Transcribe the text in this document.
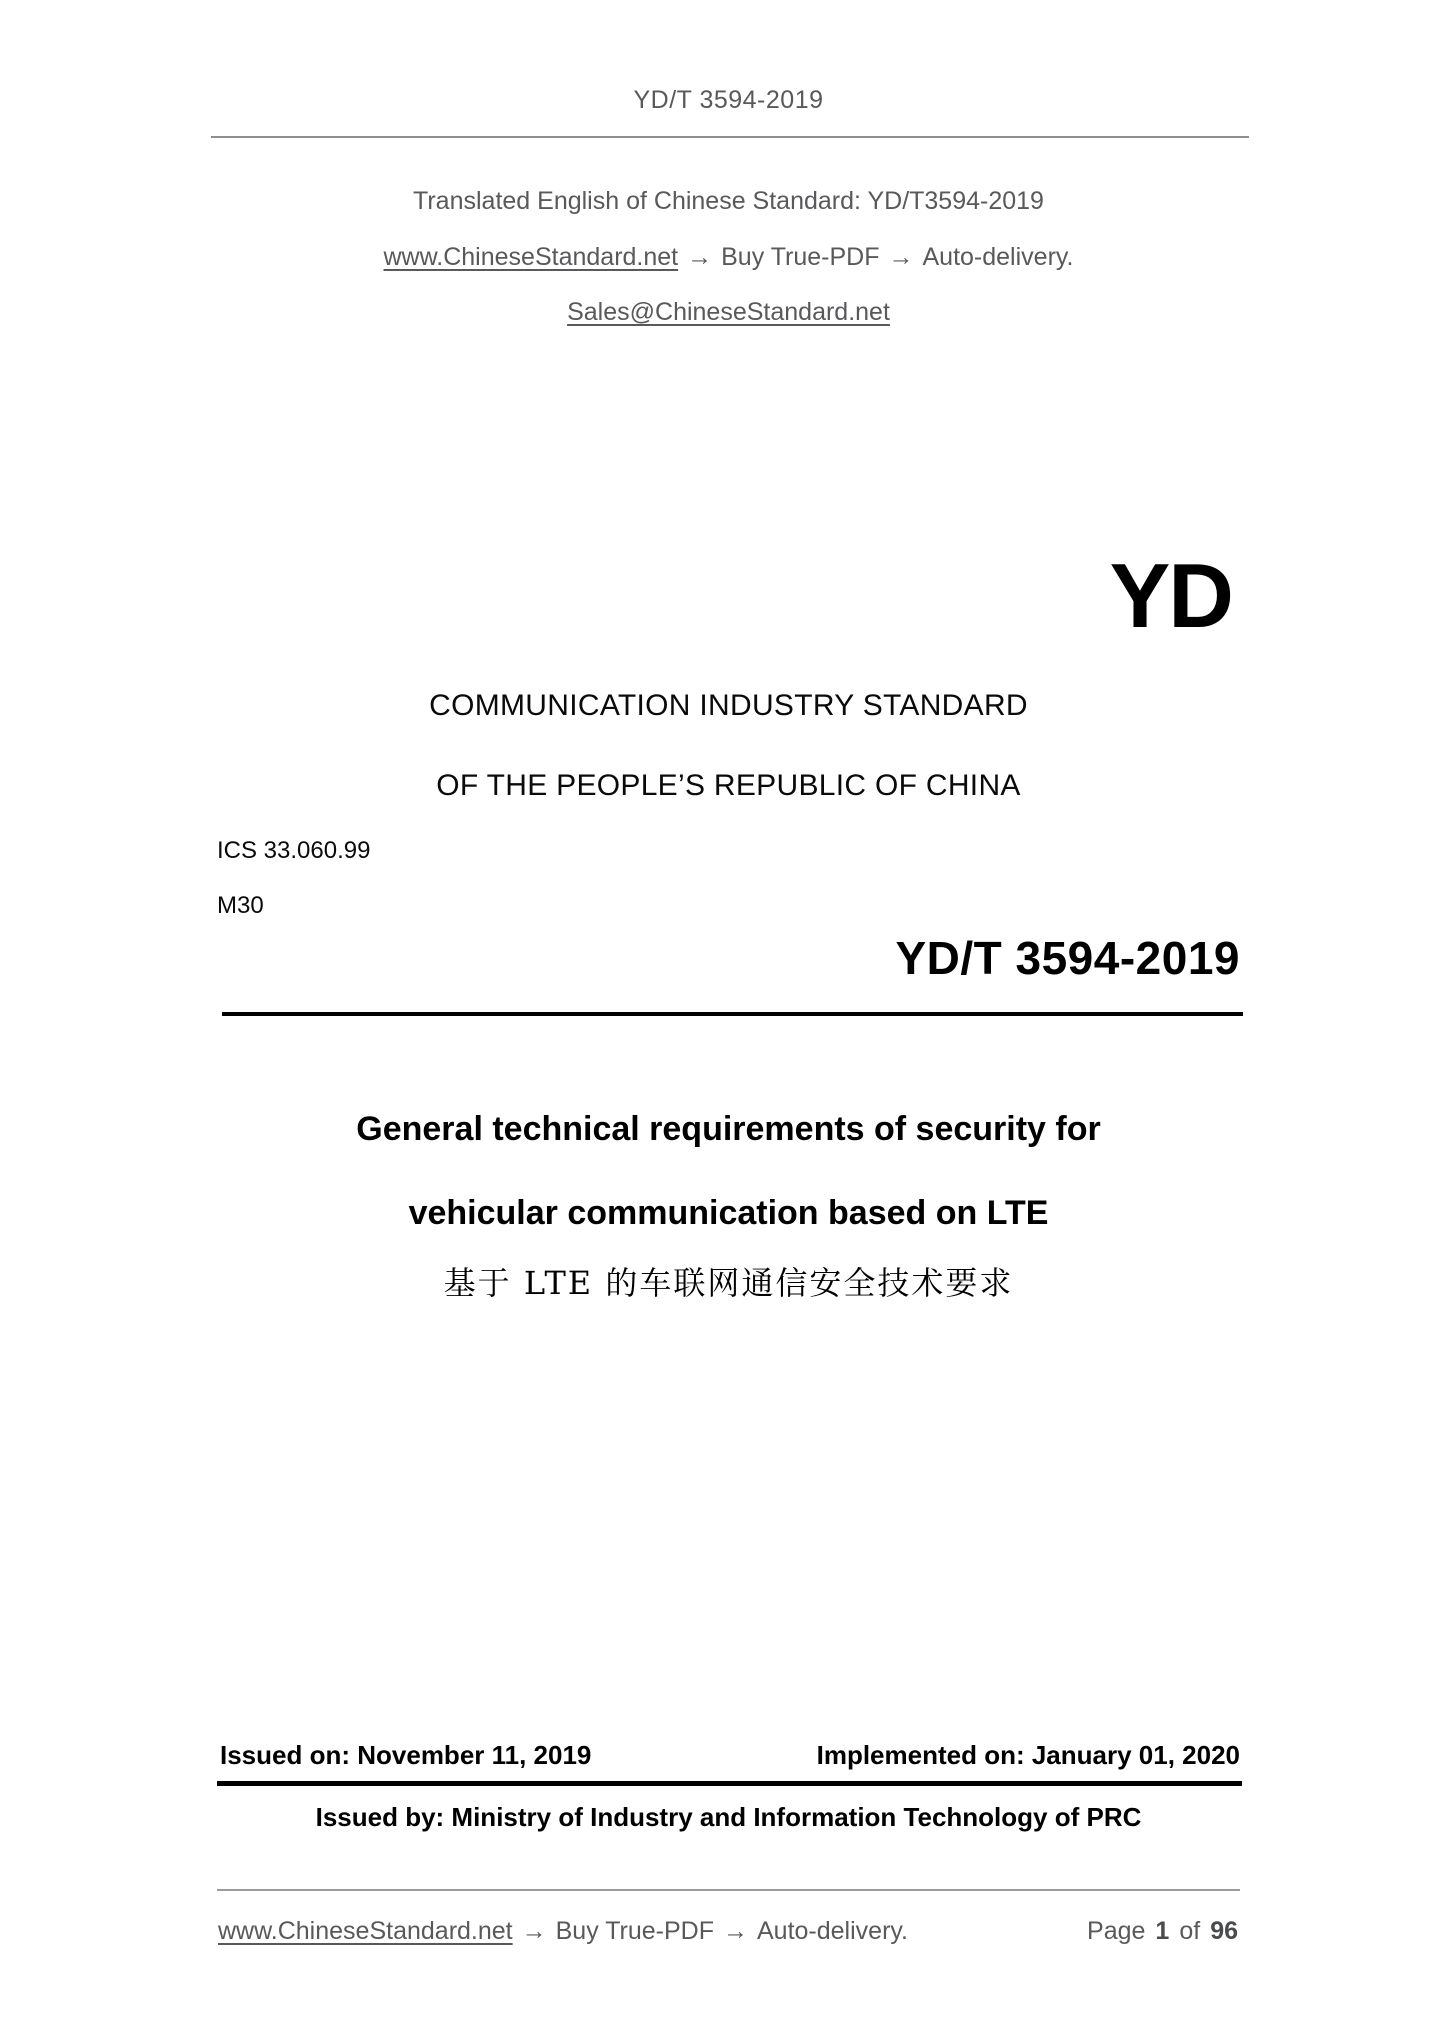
YD/T 3594-2019
Translated English of Chinese Standard: YD/T3594-2019
www.ChineseStandard.net → Buy True-PDF → Auto-delivery.
Sales@ChineseStandard.net
YD
COMMUNICATION INDUSTRY STANDARD
OF THE PEOPLE’S REPUBLIC OF CHINA
ICS 33.060.99
M30
YD/T 3594-2019
General technical requirements of security for
vehicular communication based on LTE
基于 LTE 的车联网通信安全技术要求
Issued on: November 11, 2019	Implemented on: January 01, 2020
Issued by: Ministry of Industry and Information Technology of PRC
www.ChineseStandard.net → Buy True-PDF → Auto-delivery.	Page 1 of 96
